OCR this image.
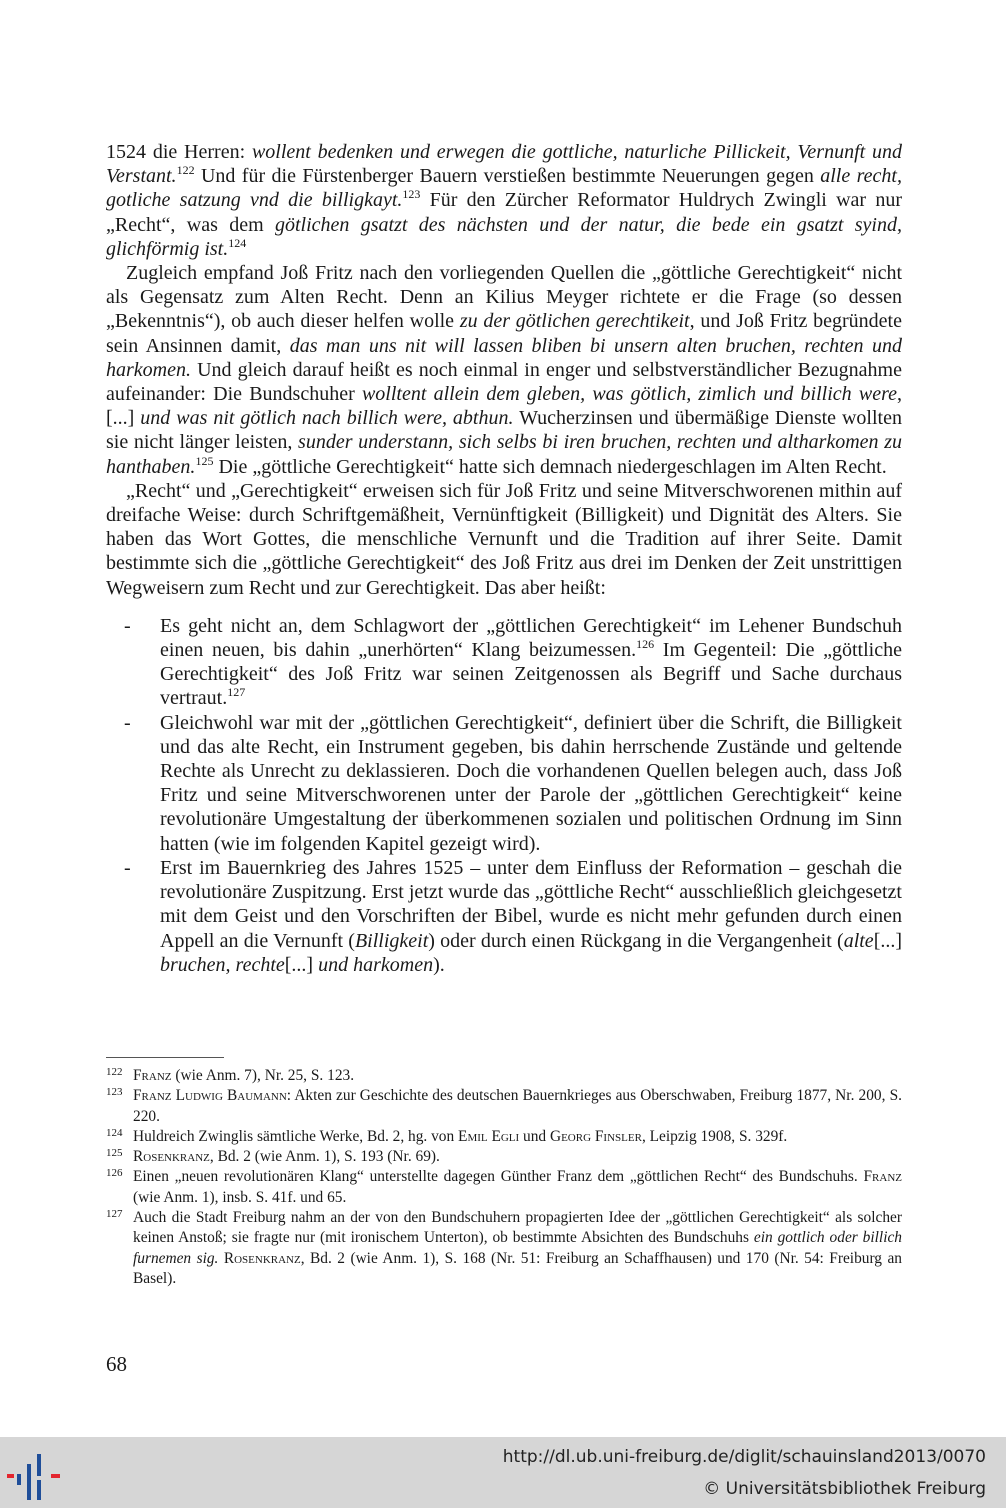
1524 die Herren: wollent bedenken und erwegen die gottliche, naturliche Pillickeit, Vernunft und Verstant.$^{122}$ Und für die Fürstenberger Bauern verstießen bestimmte Neuerungen gegen alle recht, gotliche satzung vnd die billigkayt.$^{123}$ Für den Zürcher Reformator Huldrych Zwingli war nur „Recht“, was dem götlichen gsatzt des nächsten und der natur, die bede ein gsatzt syind, glichförmig ist.$^{124}$

Zugleich empfand Joß Fritz nach den vorliegenden Quellen die „göttliche Gerechtigkeit“ nicht als Gegensatz zum Alten Recht. Denn an Kilius Meyger richtete er die Frage (so dessen „Bekenntnis“), ob auch dieser helfen wolle zu der götlichen gerechtikeit, und Joß Fritz begründete sein Ansinnen damit, das man uns nit will lassen bliben bi unsern alten bruchen, rechten und harkomen. Und gleich darauf heißt es noch einmal in enger und selbstverständlicher Bezugnahme aufeinander: Die Bundschuher wolltent allein dem gleben, was götlich, zimlich und billich were, [...] und was nit götlich nach billich were, abthun. Wucherzinsen und übermäßige Dienste wollten sie nicht länger leisten, sunder understann, sich selbs bi iren bruchen, rechten und altharkomen zu hanthaben.$^{125}$ Die „göttliche Gerechtigkeit“ hatte sich demnach niedergeschlagen im Alten Recht.

„Recht“ und „Gerechtigkeit“ erweisen sich für Joß Fritz und seine Mitverschworenen mithin auf dreifache Weise: durch Schriftgemäßheit, Vernünftigkeit (Billigkeit) und Dignität des Alters. Sie haben das Wort Gottes, die menschliche Vernunft und die Tradition auf ihrer Seite. Damit bestimmte sich die „göttliche Gerechtigkeit“ des Joß Fritz aus drei im Denken der Zeit unstrittigen Wegweisern zum Recht und zur Gerechtigkeit. Das aber heißt:

- Es geht nicht an, dem Schlagwort der „göttlichen Gerechtigkeit“ im Lehener Bundschuh einen neuen, bis dahin „unerhörten“ Klang beizumessen.$^{126}$ Im Gegenteil: Die „göttliche Gerechtigkeit“ des Joß Fritz war seinen Zeitgenossen als Begriff und Sache durchaus vertraut.$^{127}$
- Gleichwohl war mit der „göttlichen Gerechtigkeit“, definiert über die Schrift, die Billigkeit und das alte Recht, ein Instrument gegeben, bis dahin herrschende Zustände und geltende Rechte als Unrecht zu deklassieren. Doch die vorhandenen Quellen belegen auch, dass Joß Fritz und seine Mitverschworenen unter der Parole der „göttlichen Gerechtigkeit“ keine revolutionäre Umgestaltung der überkommenen sozialen und politischen Ordnung im Sinn hatten (wie im folgenden Kapitel gezeigt wird).
- Erst im Bauernkrieg des Jahres 1525 – unter dem Einfluss der Reformation – geschah die revolutionäre Zuspitzung. Erst jetzt wurde das „göttliche Recht“ ausschließlich gleichgesetzt mit dem Geist und den Vorschriften der Bibel, wurde es nicht mehr gefunden durch einen Appell an die Vernunft (Billigkeit) oder durch einen Rückgang in die Vergangenheit (alte[...] bruchen, rechte[...] und harkomen).
122 Franz (wie Anm. 7), Nr. 25, S. 123.
123 Franz Ludwig Baumann: Akten zur Geschichte des deutschen Bauernkrieges aus Oberschwaben, Freiburg 1877, Nr. 200, S. 220.
124 Huldreich Zwinglis sämtliche Werke, Bd. 2, hg. von Emil Egli und Georg Finsler, Leipzig 1908, S. 329f.
125 Rosenkranz, Bd. 2 (wie Anm. 1), S. 193 (Nr. 69).
126 Einen „neuen revolutionären Klang“ unterstellte dagegen Günther Franz dem „göttlichen Recht“ des Bundschuhs. Franz (wie Anm. 1), insb. S. 41f. und 65.
127 Auch die Stadt Freiburg nahm an der von den Bundschuhern propagierten Idee der „göttlichen Gerechtigkeit“ als solcher keinen Anstoß; sie fragte nur (mit ironischem Unterton), ob bestimmte Absichten des Bundschuhs ein gottlich oder billich furnemen sig. Rosenkranz, Bd. 2 (wie Anm. 1), S. 168 (Nr. 51: Freiburg an Schaffhausen) und 170 (Nr. 54: Freiburg an Basel).
68
http://dl.ub.uni-freiburg.de/diglit/schauinsland2013/0070
© Universitätsbibliothek Freiburg
